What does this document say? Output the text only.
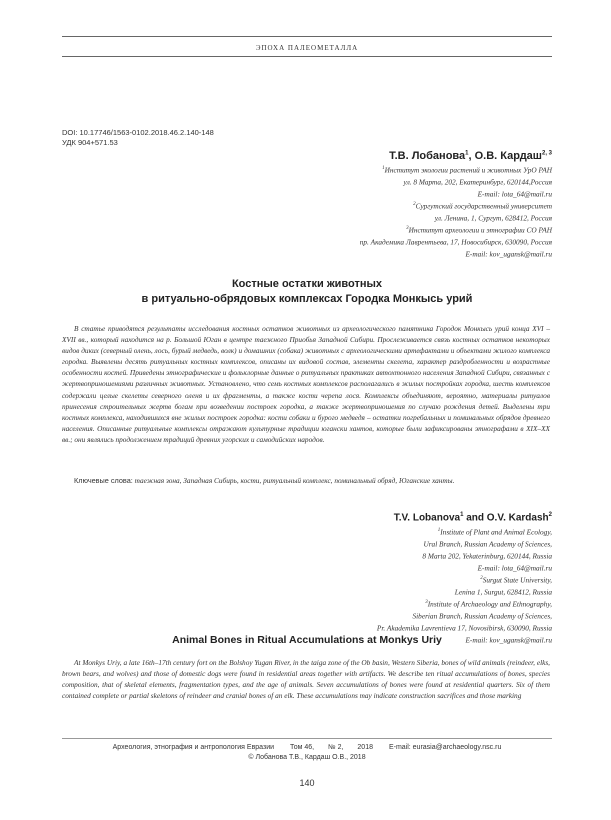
ЭПОХА ПАЛЕОМЕТАЛЛА
DOI: 10.17746/1563-0102.2018.46.2.140-148
УДК 904+571.53
Т.В. Лобанова$^1$, О.В. Кардаш$^{2, 3}$
$^1$Институт экологии растений и животных УрО РАН
ул. 8 Марта, 202, Екатеринбург, 620144,Россия
E-mail: lota_64@mail.ru
$^2$Сургутский государственный университет
ул. Ленина, 1, Сургут, 628412, Россия
$^3$Институт археологии и этнографии СО РАН
пр. Академика Лаврентьева, 17, Новосибирск, 630090, Россия
E-mail: kov_ugansk@mail.ru
Костные остатки животных
в ритуально-обрядовых комплексах Городка Монкысь урий
В статье приводятся результаты исследования костных остатков животных из археологического памятника Городок Монкысь урий конца XVI – XVII вв., который находится на р. Большой Юган в центре таежного Приобья Западной Сибири. Прослеживается связь костных остатков некоторых видов диких (северный олень, лось, бурый медведь, волк) и домашних (собака) животных с археологическими артефактами и объектами жилого комплекса городка. Выявлены десять ритуальных костных комплексов, описаны их видовой состав, элементы скелета, характер раздробленности и возрастные особенности костей. Приведены этнографические и фольклорные данные о ритуальных практиках автохтонного населения Западной Сибири, связанных с жертвоприношениями различных животных. Установлено, что семь костных комплексов располагались в жилых постройках городка, шесть комплексов содержали целые скелеты северного оленя и их фрагменты, а также кости черепа лося. Комплексы объединяют, вероятно, материалы ритуалов принесения строительных жертв богам при возведении построек городка, а также жертвоприношения по случаю рождения детей. Выделены три костных комплекса, находившихся вне жилых построек городка: кости собаки и бурого медведя – остатки погребальных и поминальных обрядов древнего населения. Описанные ритуальные комплексы отражают культурные традиции югански хантов, которые были зафиксированы этнографами в XIX–XX вв.; они являлись продолжением традиций древних угорских и самодийских народов.
Ключевые слова: таежная зона, Западная Сибирь, кости, ритуальный комплекс, поминальный обряд, Юганские ханты.
T.V. Lobanova$^1$ and O.V. Kardash$^2$
$^1$Institute of Plant and Animal Ecology,
Ural Branch, Russian Academy of Sciences,
8 Marta 202, Yekaterinburg, 620144, Russia
E-mail: lota_64@mail.ru
$^2$Surgut State University,
Lenina 1, Surgut, 628412, Russia
$^3$Institute of Archaeology and Ethnography,
Siberian Branch, Russian Academy of Sciences,
Pr. Akademika Lavrentieva 17, Novosibirsk, 630090, Russia
E-mail: kov_ugansk@mail.ru
Animal Bones in Ritual Accumulations at Monkys Uriy
At Monkys Uriy, a late 16th–17th century fort on the Bolshoy Yugan River, in the taiga zone of the Ob basin, Western Siberia, bones of wild animals (reindeer, elks, brown bears, and wolves) and those of domestic dogs were found in residential areas together with artifacts. We describe ten ritual accumulations of bones, species composition, that of skeletal elements, fragmentation types, and the age of animals. Seven accumulations of bones were found at residential quarters. Six of them contained complete or partial skeletons of reindeer and cranial bones of an elk. These accumulations may indicate construction sacrifices and those marking
Археология, этнография и антропология Евразии Том 46, № 2, 2018 E-mail: eurasia@archaeology.nsc.ru
© Лобанова Т.В., Кардаш О.В., 2018
140
